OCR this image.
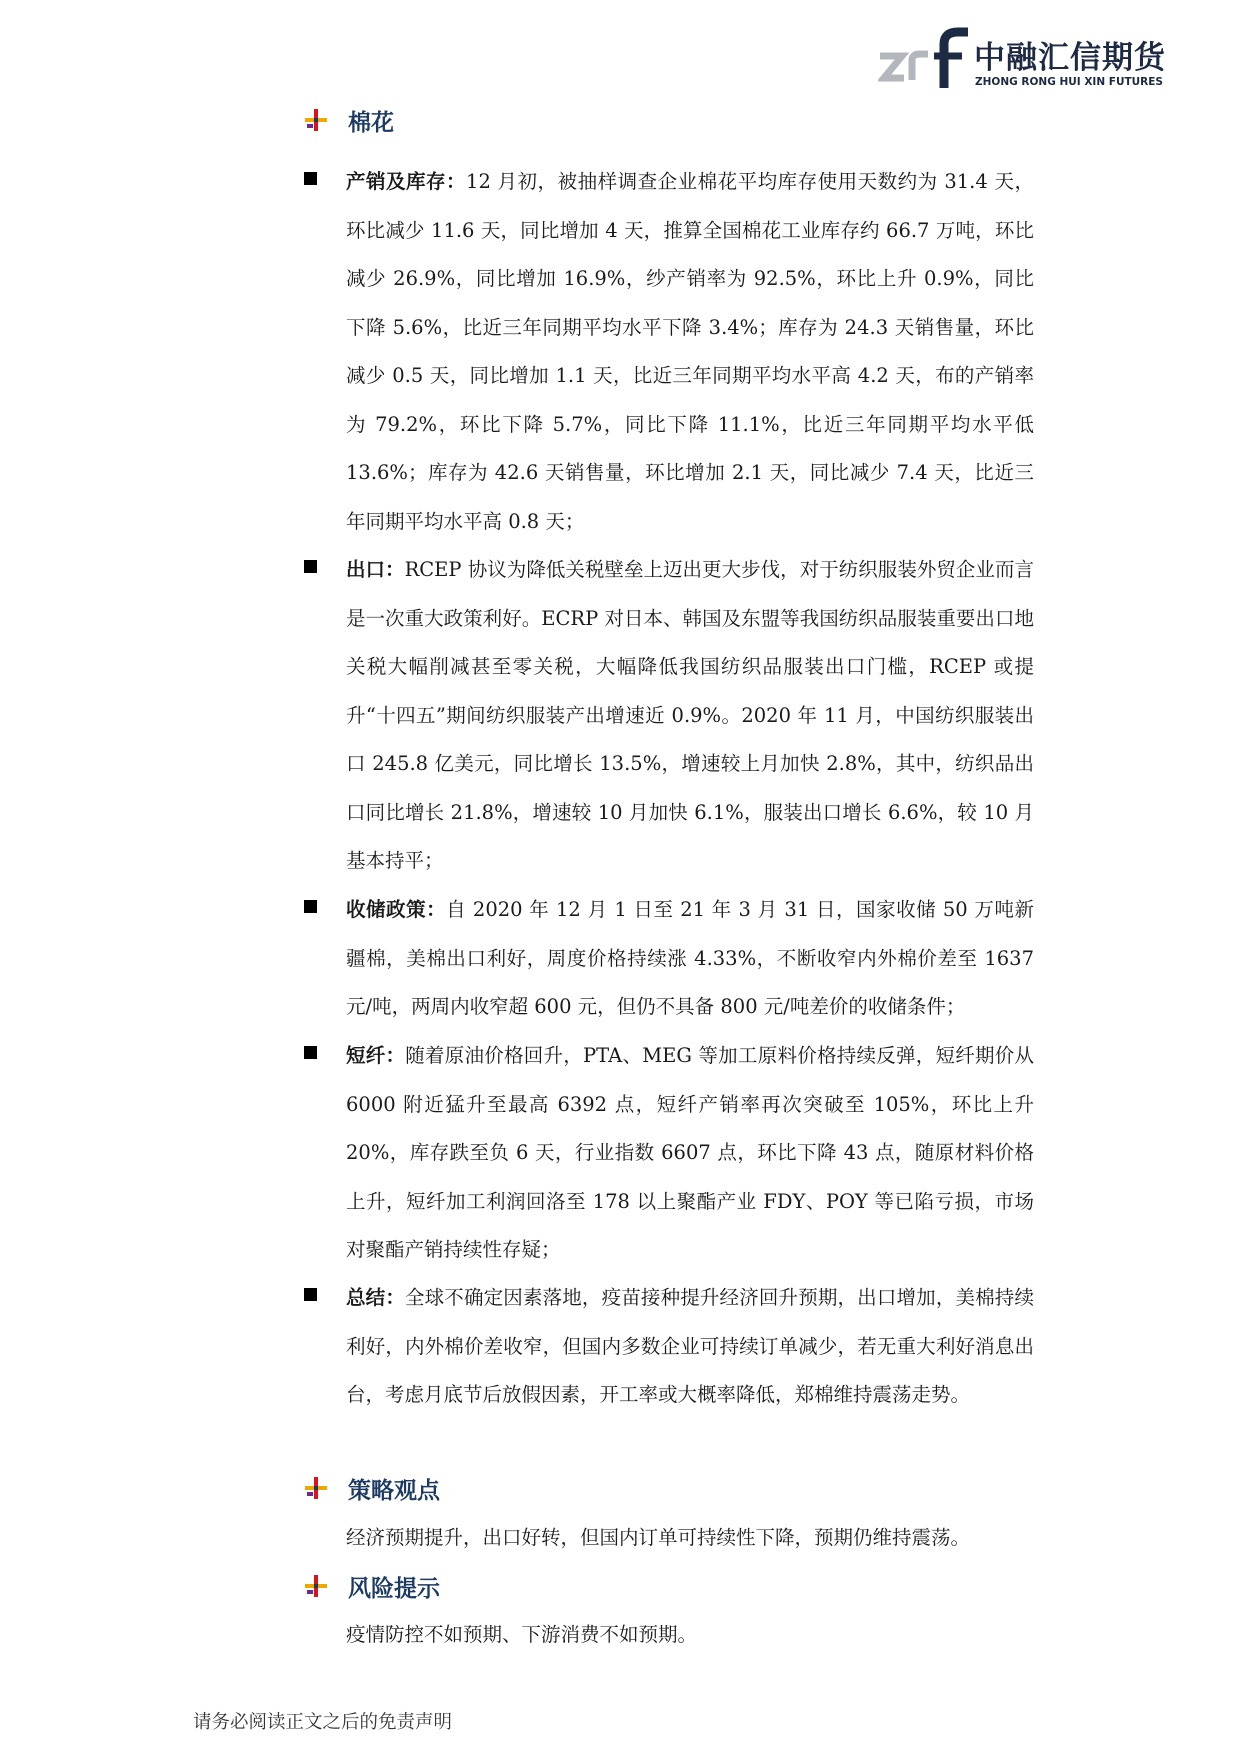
中融汇信期货
ZHONG RONG HUI XIN FUTURES
棉花
产销及库存：12 月初，被抽样调查企业棉花平均库存使用天数约为 31.4 天，环比减少 11.6 天，同比增加 4 天，推算全国棉花工业库存约 66.7 万吨，环比减少 26.9%，同比增加 16.9%，纱产销率为 92.5%，环比上升 0.9%，同比下降 5.6%，比近三年同期平均水平下降 3.4%；库存为 24.3 天销售量，环比减少 0.5 天，同比增加 1.1 天，比近三年同期平均水平高 4.2 天，布的产销率为 79.2%，环比下降 5.7%，同比下降 11.1%，比近三年同期平均水平低 13.6%；库存为 42.6 天销售量，环比增加 2.1 天，同比减少 7.4 天，比近三年同期平均水平高 0.8 天；
出口：RCEP 协议为降低关税壁垒上迈出更大步伐，对于纺织服装外贸企业而言是一次重大政策利好。ECRP 对日本、韩国及东盟等我国纺织品服装重要出口地关税大幅削减甚至零关税，大幅降低我国纺织品服装出口门槛，RCEP 或提升“十四五”期间纺织服装产出增速近 0.9%。2020 年 11 月，中国纺织服装出口 245.8 亿美元，同比增长 13.5%，增速较上月加快 2.8%，其中，纺织品出口同比增长 21.8%，增速较 10 月加快 6.1%，服装出口增长 6.6%，较 10 月基本持平；
收储政策：自 2020 年 12 月 1 日至 21 年 3 月 31 日，国家收储 50 万吨新疆棉，美棉出口利好，周度价格持续涨 4.33%，不断收窄内外棉价差至 1637 元/吨，两周内收窄超 600 元，但仍不具备 800 元/吨差价的收储条件；
短纤：随着原油价格回升，PTA、MEG 等加工原料价格持续反弹，短纤期价从 6000 附近猛升至最高 6392 点，短纤产销率再次突破至 105%，环比上升 20%，库存跌至负 6 天，行业指数 6607 点，环比下降 43 点，随原材料价格上升，短纤加工利润回洛至 178 以上聚酯产业 FDY、POY 等已陷亏损，市场对聚酯产销持续性存疑；
总结：全球不确定因素落地，疫苗接种提升经济回升预期，出口增加，美棉持续利好，内外棉价差收窄，但国内多数企业可持续订单减少，若无重大利好消息出台，考虑月底节后放假因素，开工率或大概率降低，郑棉维持震荡走势。
策略观点
经济预期提升，出口好转，但国内订单可持续性下降，预期仍维持震荡。
风险提示
疫情防控不如预期、下游消费不如预期。
请务必阅读正文之后的免责声明
